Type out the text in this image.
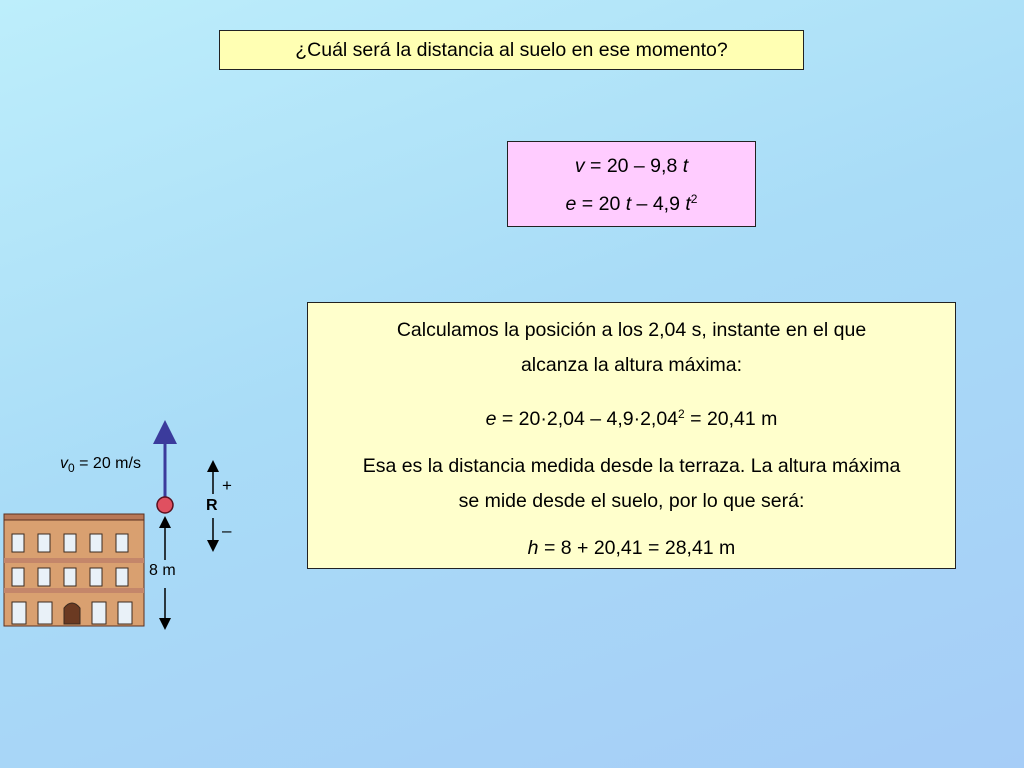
¿Cuál será la distancia al suelo en ese momento?
v = 20 – 9,8 t
e = 20 t – 4,9 $t^2$

Calculamos la posición a los 2,04 s, instante en el que

alcanza la altura máxima:

$e = 20\cdot 2,04 - 4,9\cdot 2,04^2 = 20,41$ m

Esa es la distancia medida desde la terraza. La altura máxima

se mide desde el suelo, por lo que será:

h = 8 + 20,41 = 28,41 m

$v_0 = 20$ m/s
8 m
R
+
–
